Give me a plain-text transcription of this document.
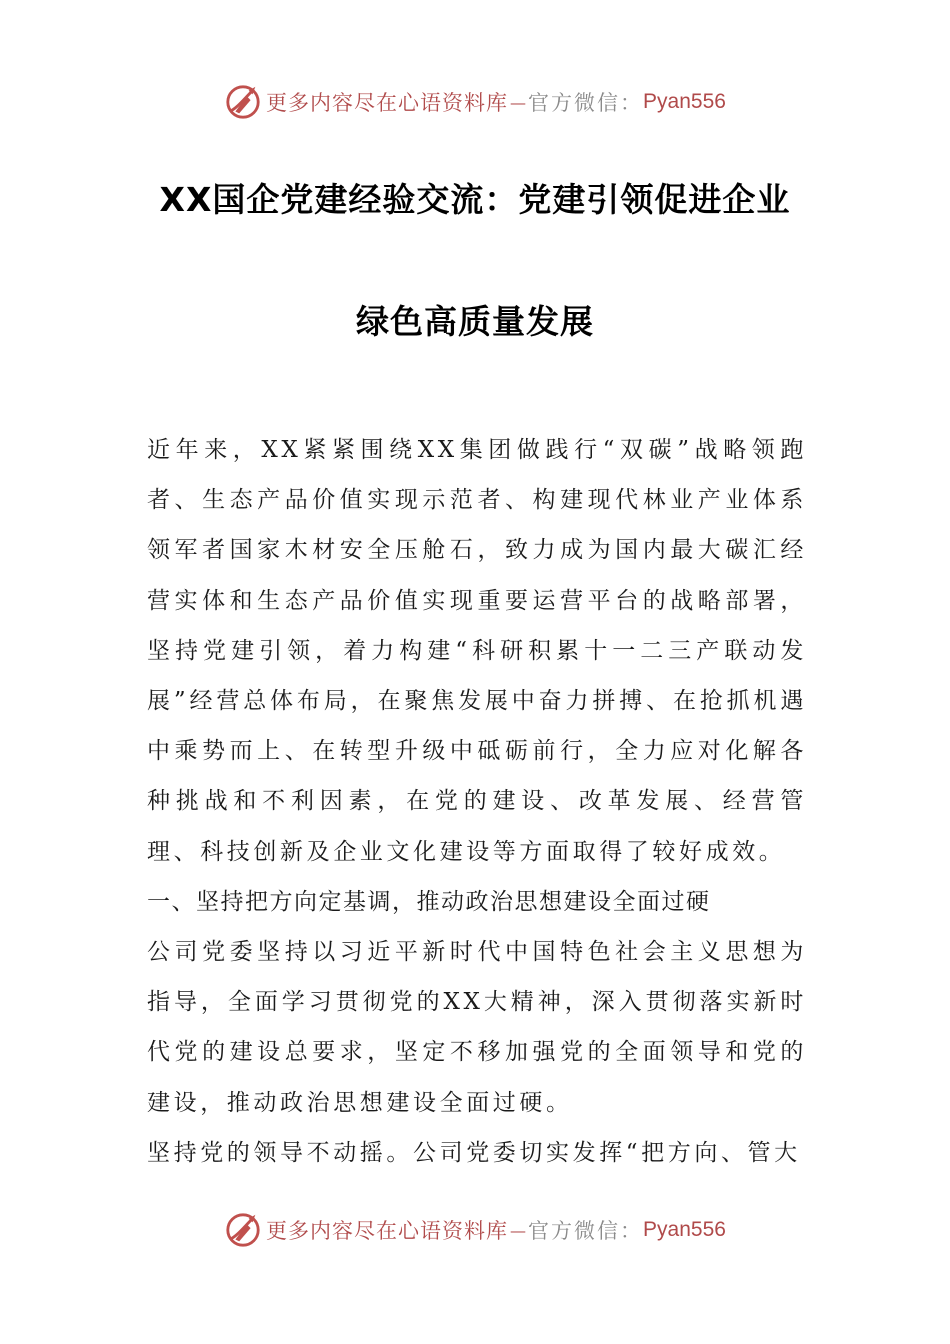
更多内容尽在心语资料库 — 官方微信： Pyan556
XX国企党建经验交流：党建引领促进企业
绿色高质量发展

近年来，XX紧紧围绕XX集团做践行“双碳”战略领跑者、生态产品价值实现示范者、构建现代林业产业体系领军者国家木材安全压舱石，致力成为国内最大碳汇经营实体和生态产品价值实现重要运营平台的战略部署，坚持党建引领，着力构建“科研积累十一二三产联动发展”经营总体布局，在聚焦发展中奋力拼搏、在抢抓机遇中乘势而上、在转型升级中砥砺前行，全力应对化解各种挑战和不利因素，在党的建设、改革发展、经营管理、科技创新及企业文化建设等方面取得了较好成效。

一、坚持把方向定基调，推动政治思想建设全面过硬

公司党委坚持以习近平新时代中国特色社会主义思想为指导，全面学习贯彻党的XX大精神，深入贯彻落实新时代党的建设总要求，坚定不移加强党的全面领导和党的建设，推动政治思想建设全面过硬。

坚持党的领导不动摇。公司党委切实发挥“把方向、管大

更多内容尽在心语资料库 — 官方微信： Pyan556
